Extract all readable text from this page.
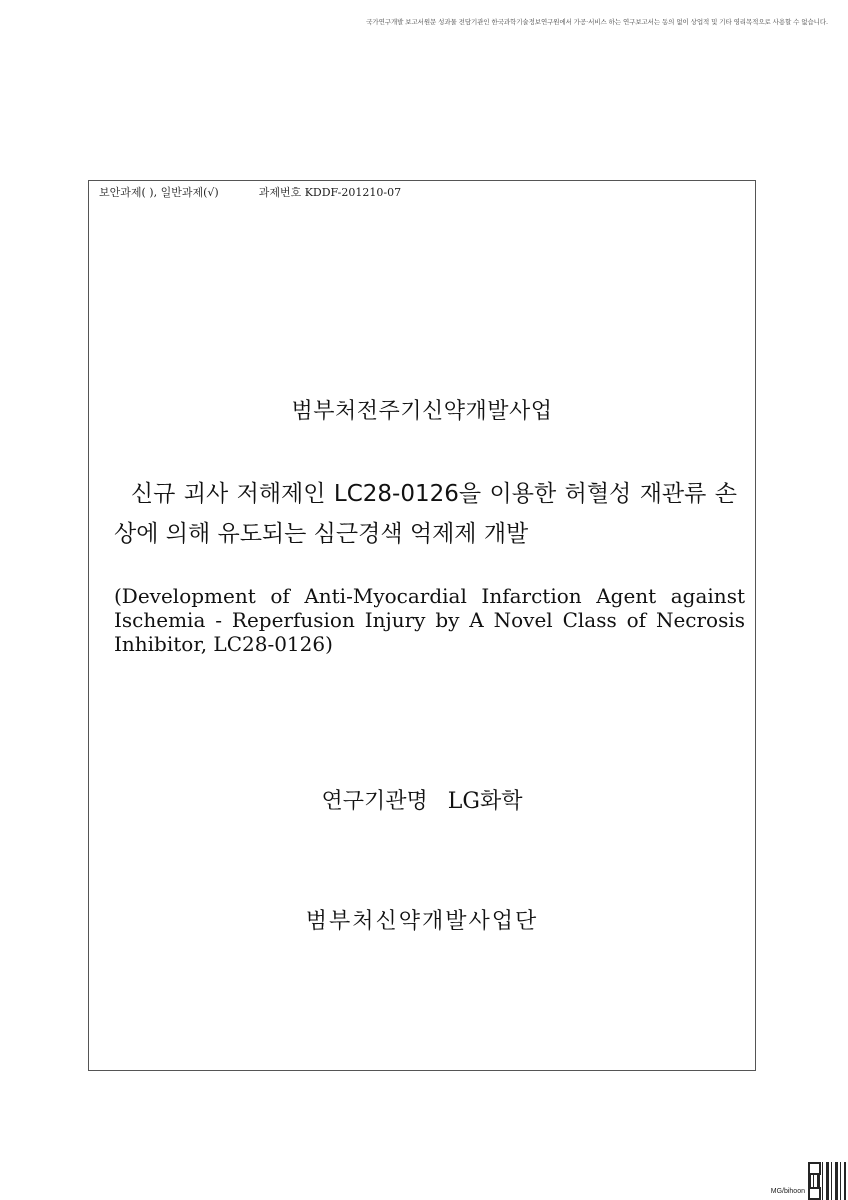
국가연구개발 보고서원문 성과물 전담기관인 한국과학기술정보연구원에서 가공·서비스 하는 연구보고서는 동의 없이 상업적 및 기타 영리목적으로 사용할 수 없습니다.
보안과제( ), 일반과제(√)	과제번호 KDDF-201210-07
범부처전주기신약개발사업
신규 괴사 저해제인 LC28-0126을 이용한 허혈성 재관류 손상에 의해 유도되는 심근경색 억제제 개발
(Development of Anti-Myocardial Infarction Agent against Ischemia - Reperfusion Injury by A Novel Class of Necrosis Inhibitor, LC28-0126)
연구기관명 LG화학
범부처신약개발사업단
MG/bihoon
